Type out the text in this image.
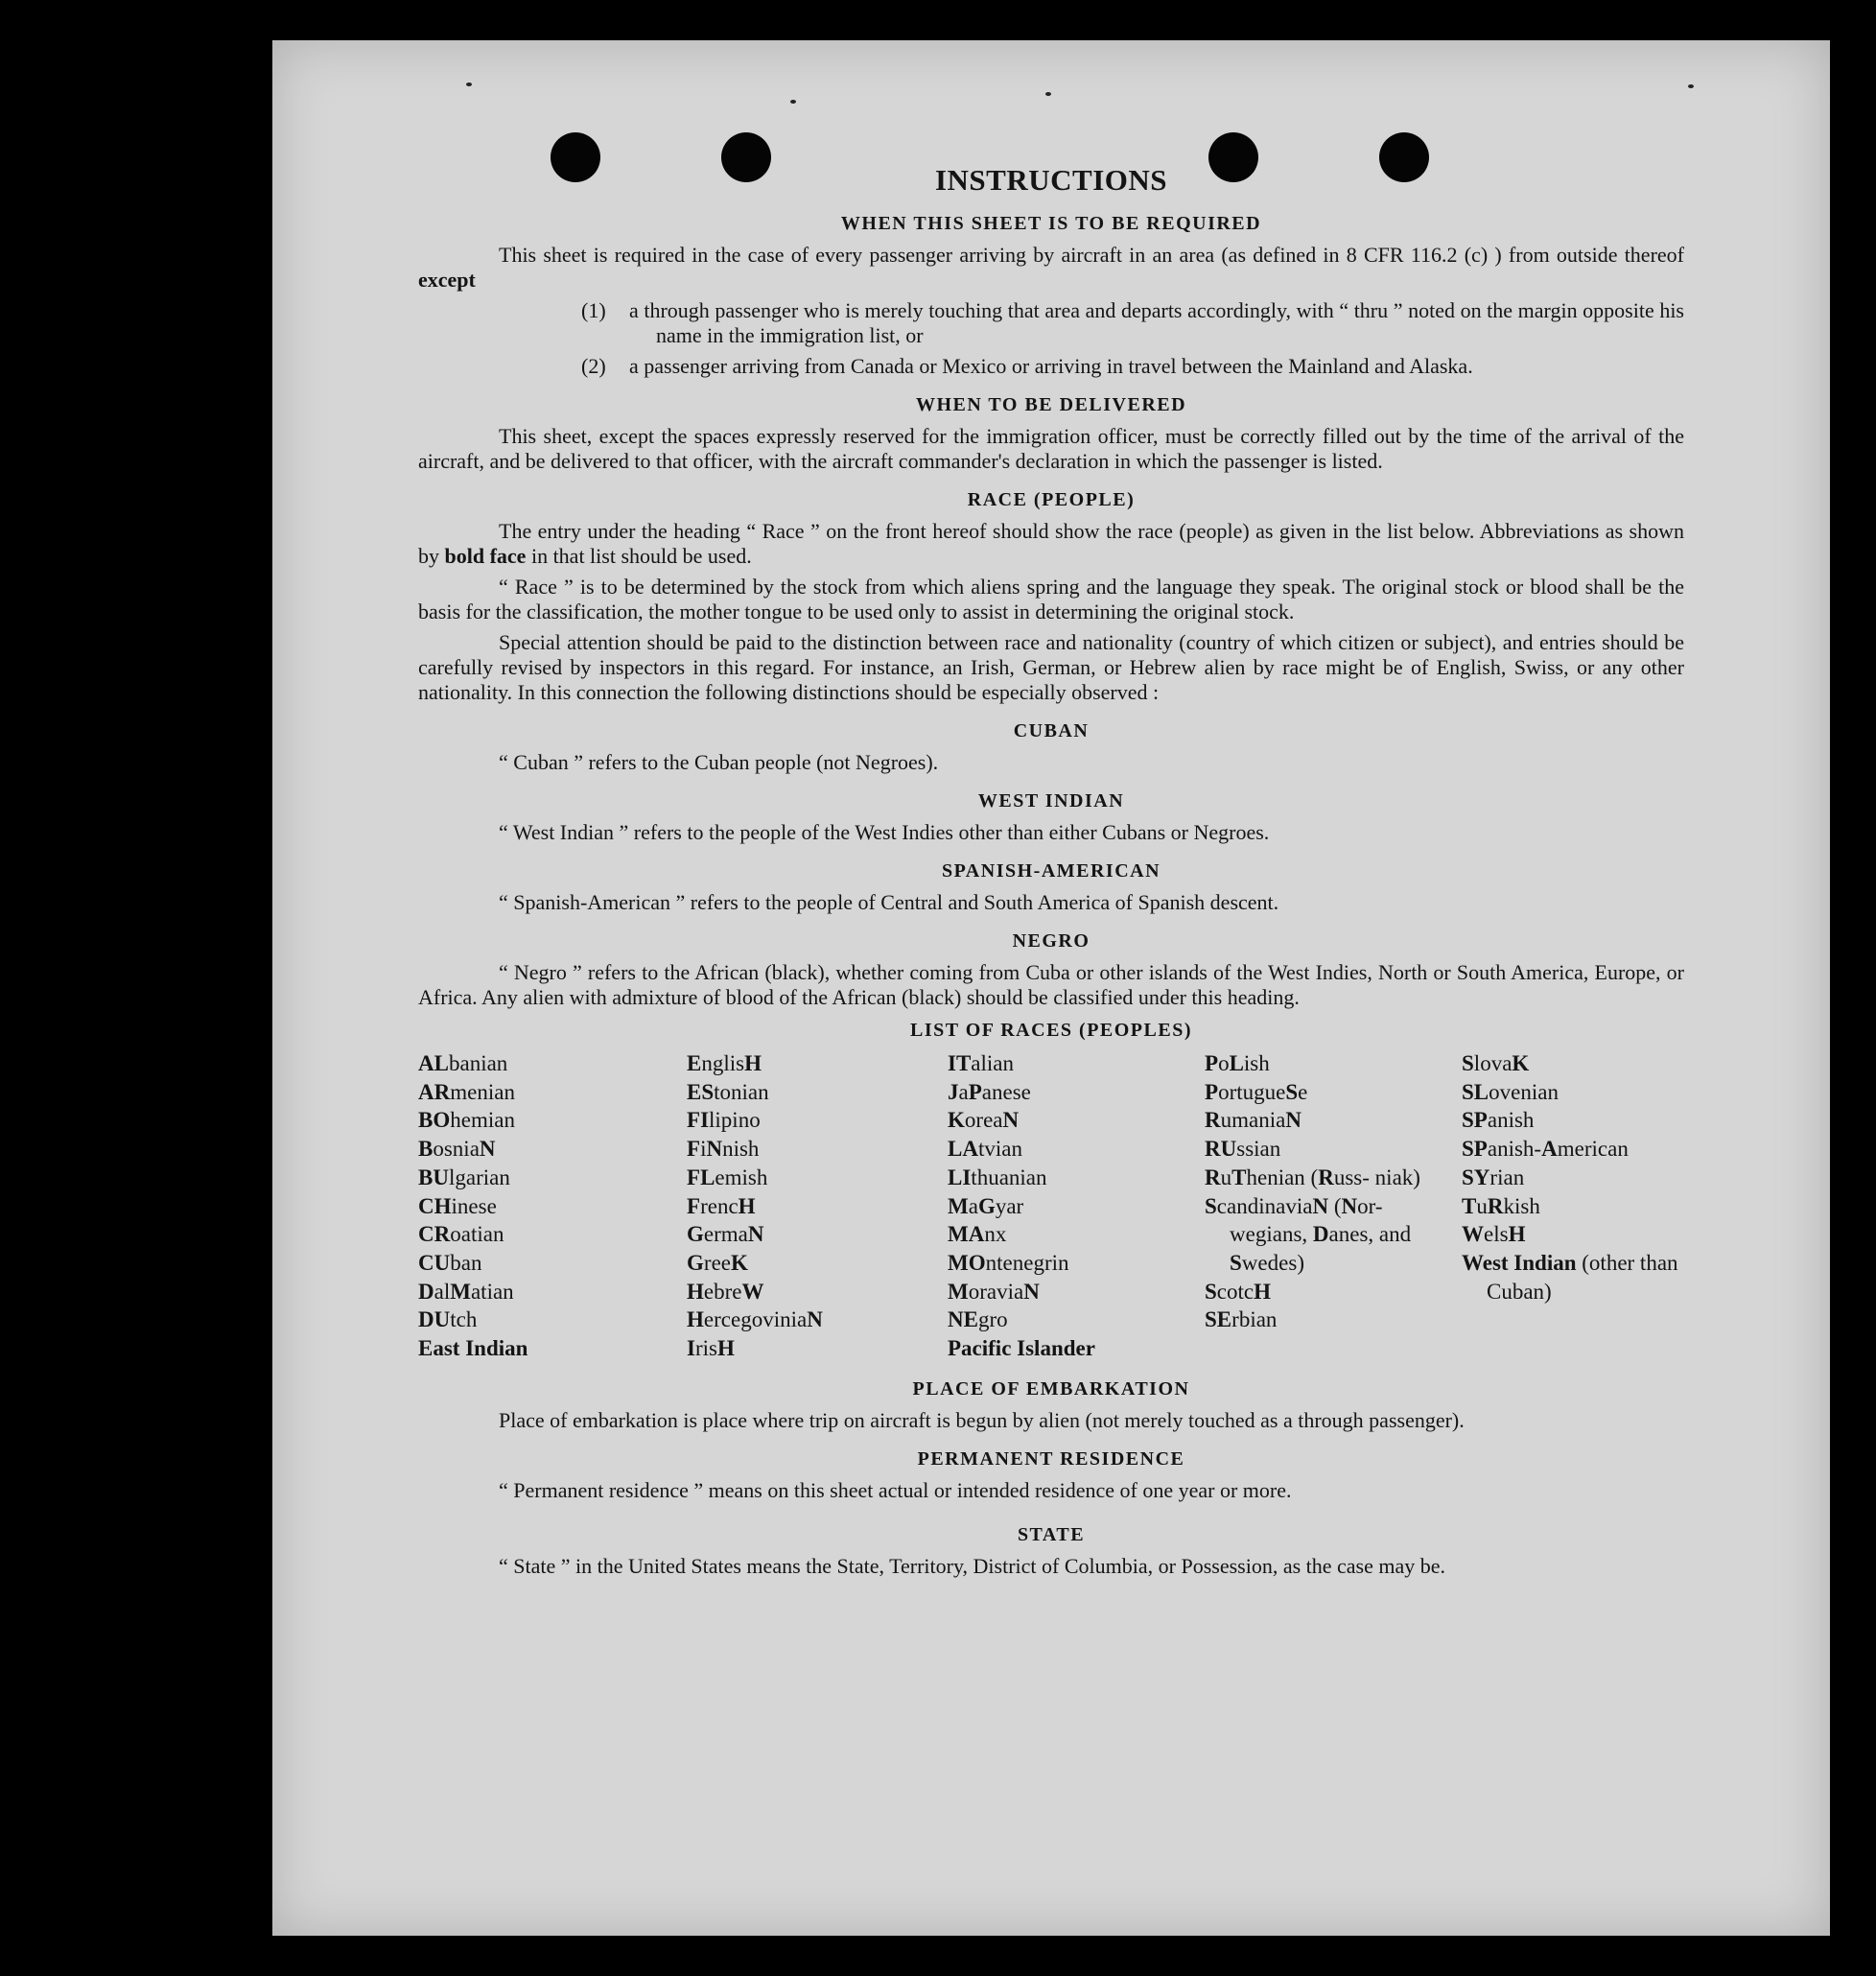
INSTRUCTIONS
WHEN THIS SHEET IS TO BE REQUIRED

This sheet is required in the case of every passenger arriving by aircraft in an area (as defined in 8 CFR 116.2 (c) ) from outside thereof except

(1)	a through passenger who is merely touching that area and departs accordingly, with “ thru ” noted on the margin opposite his name in the immigration list, or
(2)	a passenger arriving from Canada or Mexico or arriving in travel between the Mainland and Alaska.
WHEN TO BE DELIVERED

This sheet, except the spaces expressly reserved for the immigration officer, must be correctly filled out by the time of the arrival of the aircraft, and be delivered to that officer, with the aircraft commander's declaration in which the passenger is listed.

RACE (PEOPLE)

The entry under the heading “ Race ” on the front hereof should show the race (people) as given in the list below. Abbreviations as shown by bold face in that list should be used.

“ Race ” is to be determined by the stock from which aliens spring and the language they speak. The original stock or blood shall be the basis for the classification, the mother tongue to be used only to assist in determining the original stock.

Special attention should be paid to the distinction between race and nationality (country of which citizen or subject), and entries should be carefully revised by inspectors in this regard. For instance, an Irish, German, or Hebrew alien by race might be of English, Swiss, or any other nationality. In this connection the following distinctions should be especially observed :

CUBAN

“ Cuban ” refers to the Cuban people (not Negroes).

WEST INDIAN

“ West Indian ” refers to the people of the West Indies other than either Cubans or Negroes.

SPANISH-AMERICAN

“ Spanish-American ” refers to the people of Central and South America of Spanish descent.

NEGRO

“ Negro ” refers to the African (black), whether coming from Cuba or other islands of the West Indies, North or South America, Europe, or Africa. Any alien with admixture of blood of the African (black) should be classified under this heading.

LIST OF RACES (PEOPLES)
ALbanian
ARmenian
BOhemian
BosniaN
BUlgarian
CHinese
CRoatian
CUban
DalMatian
DUtch
East Indian
EnglisH
EStonian
FIlipino
FiNnish
FLemish
FrencH
GermaN
GreeK
HebreW
HercegoviniaN
IrisH
ITalian
JaPanese
KoreaN
LAtvian
LIthuanian
MaGyar
MAnx
MOntenegrin
MoraviaN
NEgro
Pacific Islander
PoLish
PortugueSe
RumaniaN
RUssian
RuThenian (Russ- niak)
ScandinaviaN (Nor- wegians, Danes, and Swedes)
ScotcH
SErbian
SlovaK
SLovenian
SPanish
SPanish-American
SYrian
TuRkish
WelsH
West Indian (other than Cuban)
PLACE OF EMBARKATION

Place of embarkation is place where trip on aircraft is begun by alien (not merely touched as a through passenger).

PERMANENT RESIDENCE

“ Permanent residence ” means on this sheet actual or intended residence of one year or more.

STATE

“ State ” in the United States means the State, Territory, District of Columbia, or Possession, as the case may be.
